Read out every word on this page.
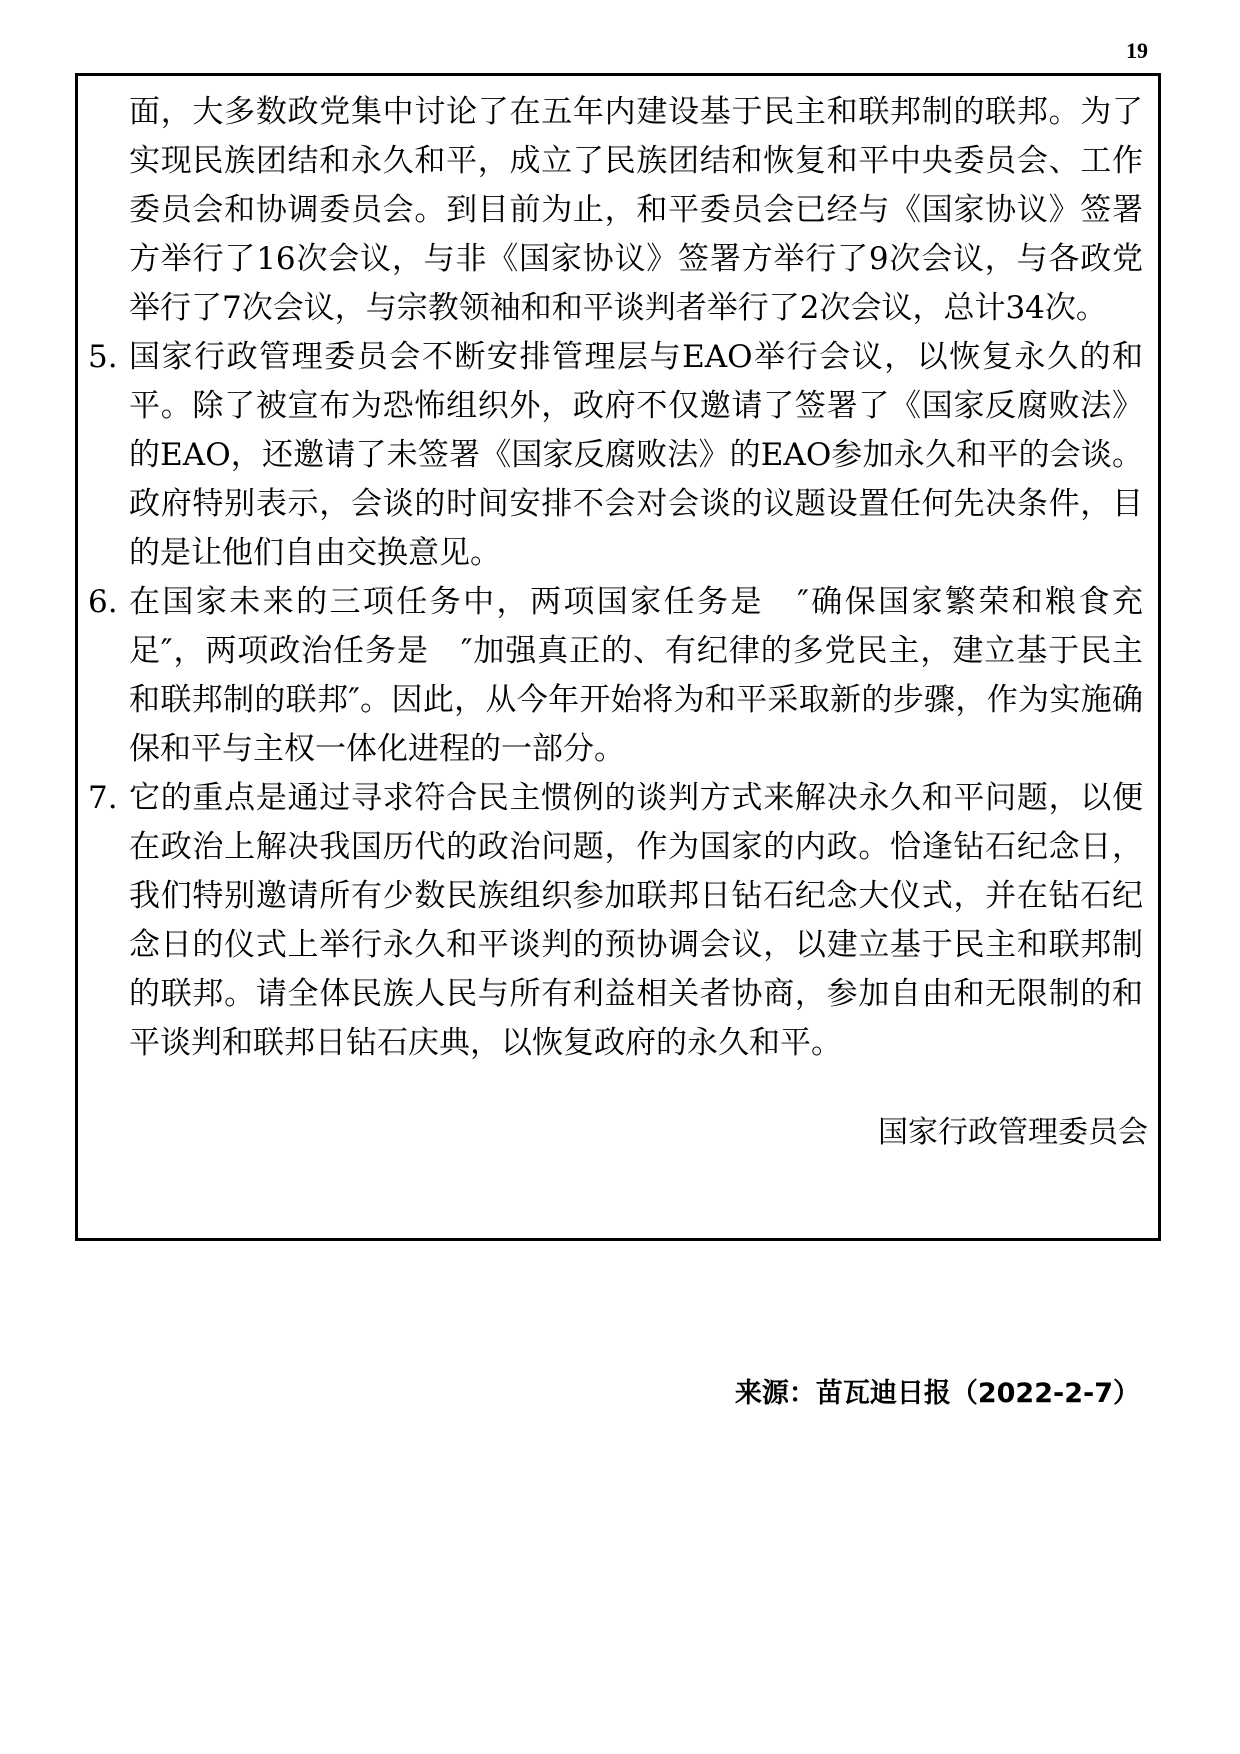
19

面，大多数政党集中讨论了在五年内建设基于民主和联邦制的联邦。为了实现民族团结和永久和平，成立了民族团结和恢复和平中央委员会、工作委员会和协调委员会。到目前为止，和平委员会已经与《国家协议》签署方举行了16次会议，与非《国家协议》签署方举行了9次会议，与各政党举行了7次会议，与宗教领袖和和平谈判者举行了2次会议，总计34次。

5. 国家行政管理委员会不断安排管理层与EAO举行会议，以恢复永久的和平。除了被宣布为恐怖组织外，政府不仅邀请了签署了《国家反腐败法》的EAO，还邀请了未签署《国家反腐败法》的EAO参加永久和平的会谈。政府特别表示，会谈的时间安排不会对会谈的议题设置任何先决条件，目的是让他们自由交换意见。

6. 在国家未来的三项任务中，两项国家任务是　″确保国家繁荣和粮食充足″，两项政治任务是　″加强真正的、有纪律的多党民主，建立基于民主和联邦制的联邦″。因此，从今年开始将为和平采取新的步骤，作为实施确保和平与主权一体化进程的一部分。

7. 它的重点是通过寻求符合民主惯例的谈判方式来解决永久和平问题，以便在政治上解决我国历代的政治问题，作为国家的内政。恰逢钻石纪念日，我们特别邀请所有少数民族组织参加联邦日钻石纪念大仪式，并在钻石纪念日的仪式上举行永久和平谈判的预协调会议，以建立基于民主和联邦制的联邦。请全体民族人民与所有利益相关者协商，参加自由和无限制的和平谈判和联邦日钻石庆典，以恢复政府的永久和平。

国家行政管理委员会
来源：苗瓦迪日报（2022-2-7）
